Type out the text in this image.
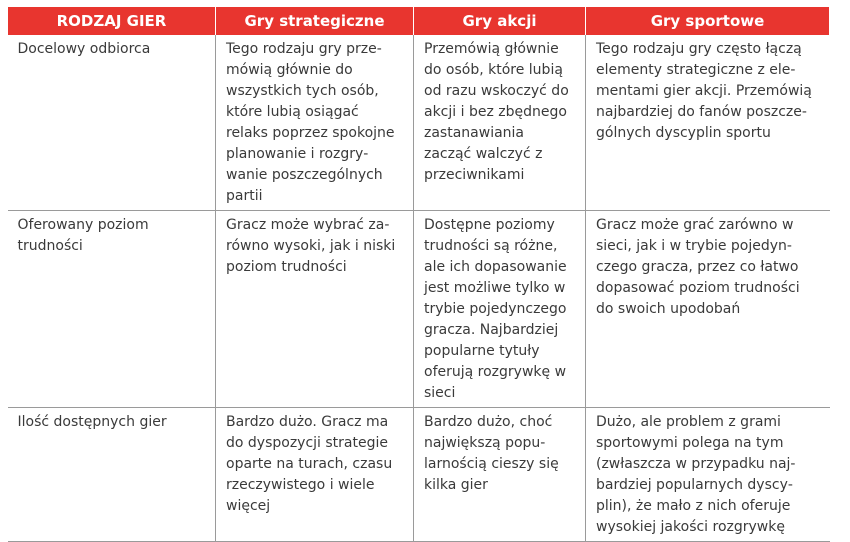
RODZAJ GIER	Gry strategiczne	Gry akcji	Gry sportowe

Docelowy odbiorca	Tego rodzaju gry przemówią głównie do wszystkich tych osób, które lubią osiągać relaks poprzez spokojne planowanie i rozgrywanie poszczególnych partii	Przemówią głównie do osób, które lubią od razu wskoczyć do akcji i bez zbędnego zastanawiania zacząć walczyć z przeciwnikami	Tego rodzaju gry często łączą elementy strategiczne z elementami gier akcji. Przemówią najbardziej do fanów poszczególnych dyscyplin sportu

Oferowany poziom trudności	Gracz może wybrać zarówno wysoki, jak i niski poziom trudności	Dostępne poziomy trudności są różne, ale ich dopasowanie jest możliwe tylko w trybie pojedynczego gracza. Najbardziej popularne tytuły oferują rozgrywkę w sieci	Gracz może grać zarówno w sieci, jak i w trybie pojedynczego gracza, przez co łatwo dopasować poziom trudności do swoich upodobań

Ilość dostępnych gier	Bardzo dużo. Gracz ma do dyspozycji strategie oparte na turach, czasu rzeczywistego i wiele więcej	Bardzo dużo, choć największą popularnością cieszy się kilka gier	Dużo, ale problem z grami sportowymi polega na tym (zwłaszcza w przypadku najbardziej popularnych dyscyplin), że mało z nich oferuje wysokiej jakości rozgrywkę
